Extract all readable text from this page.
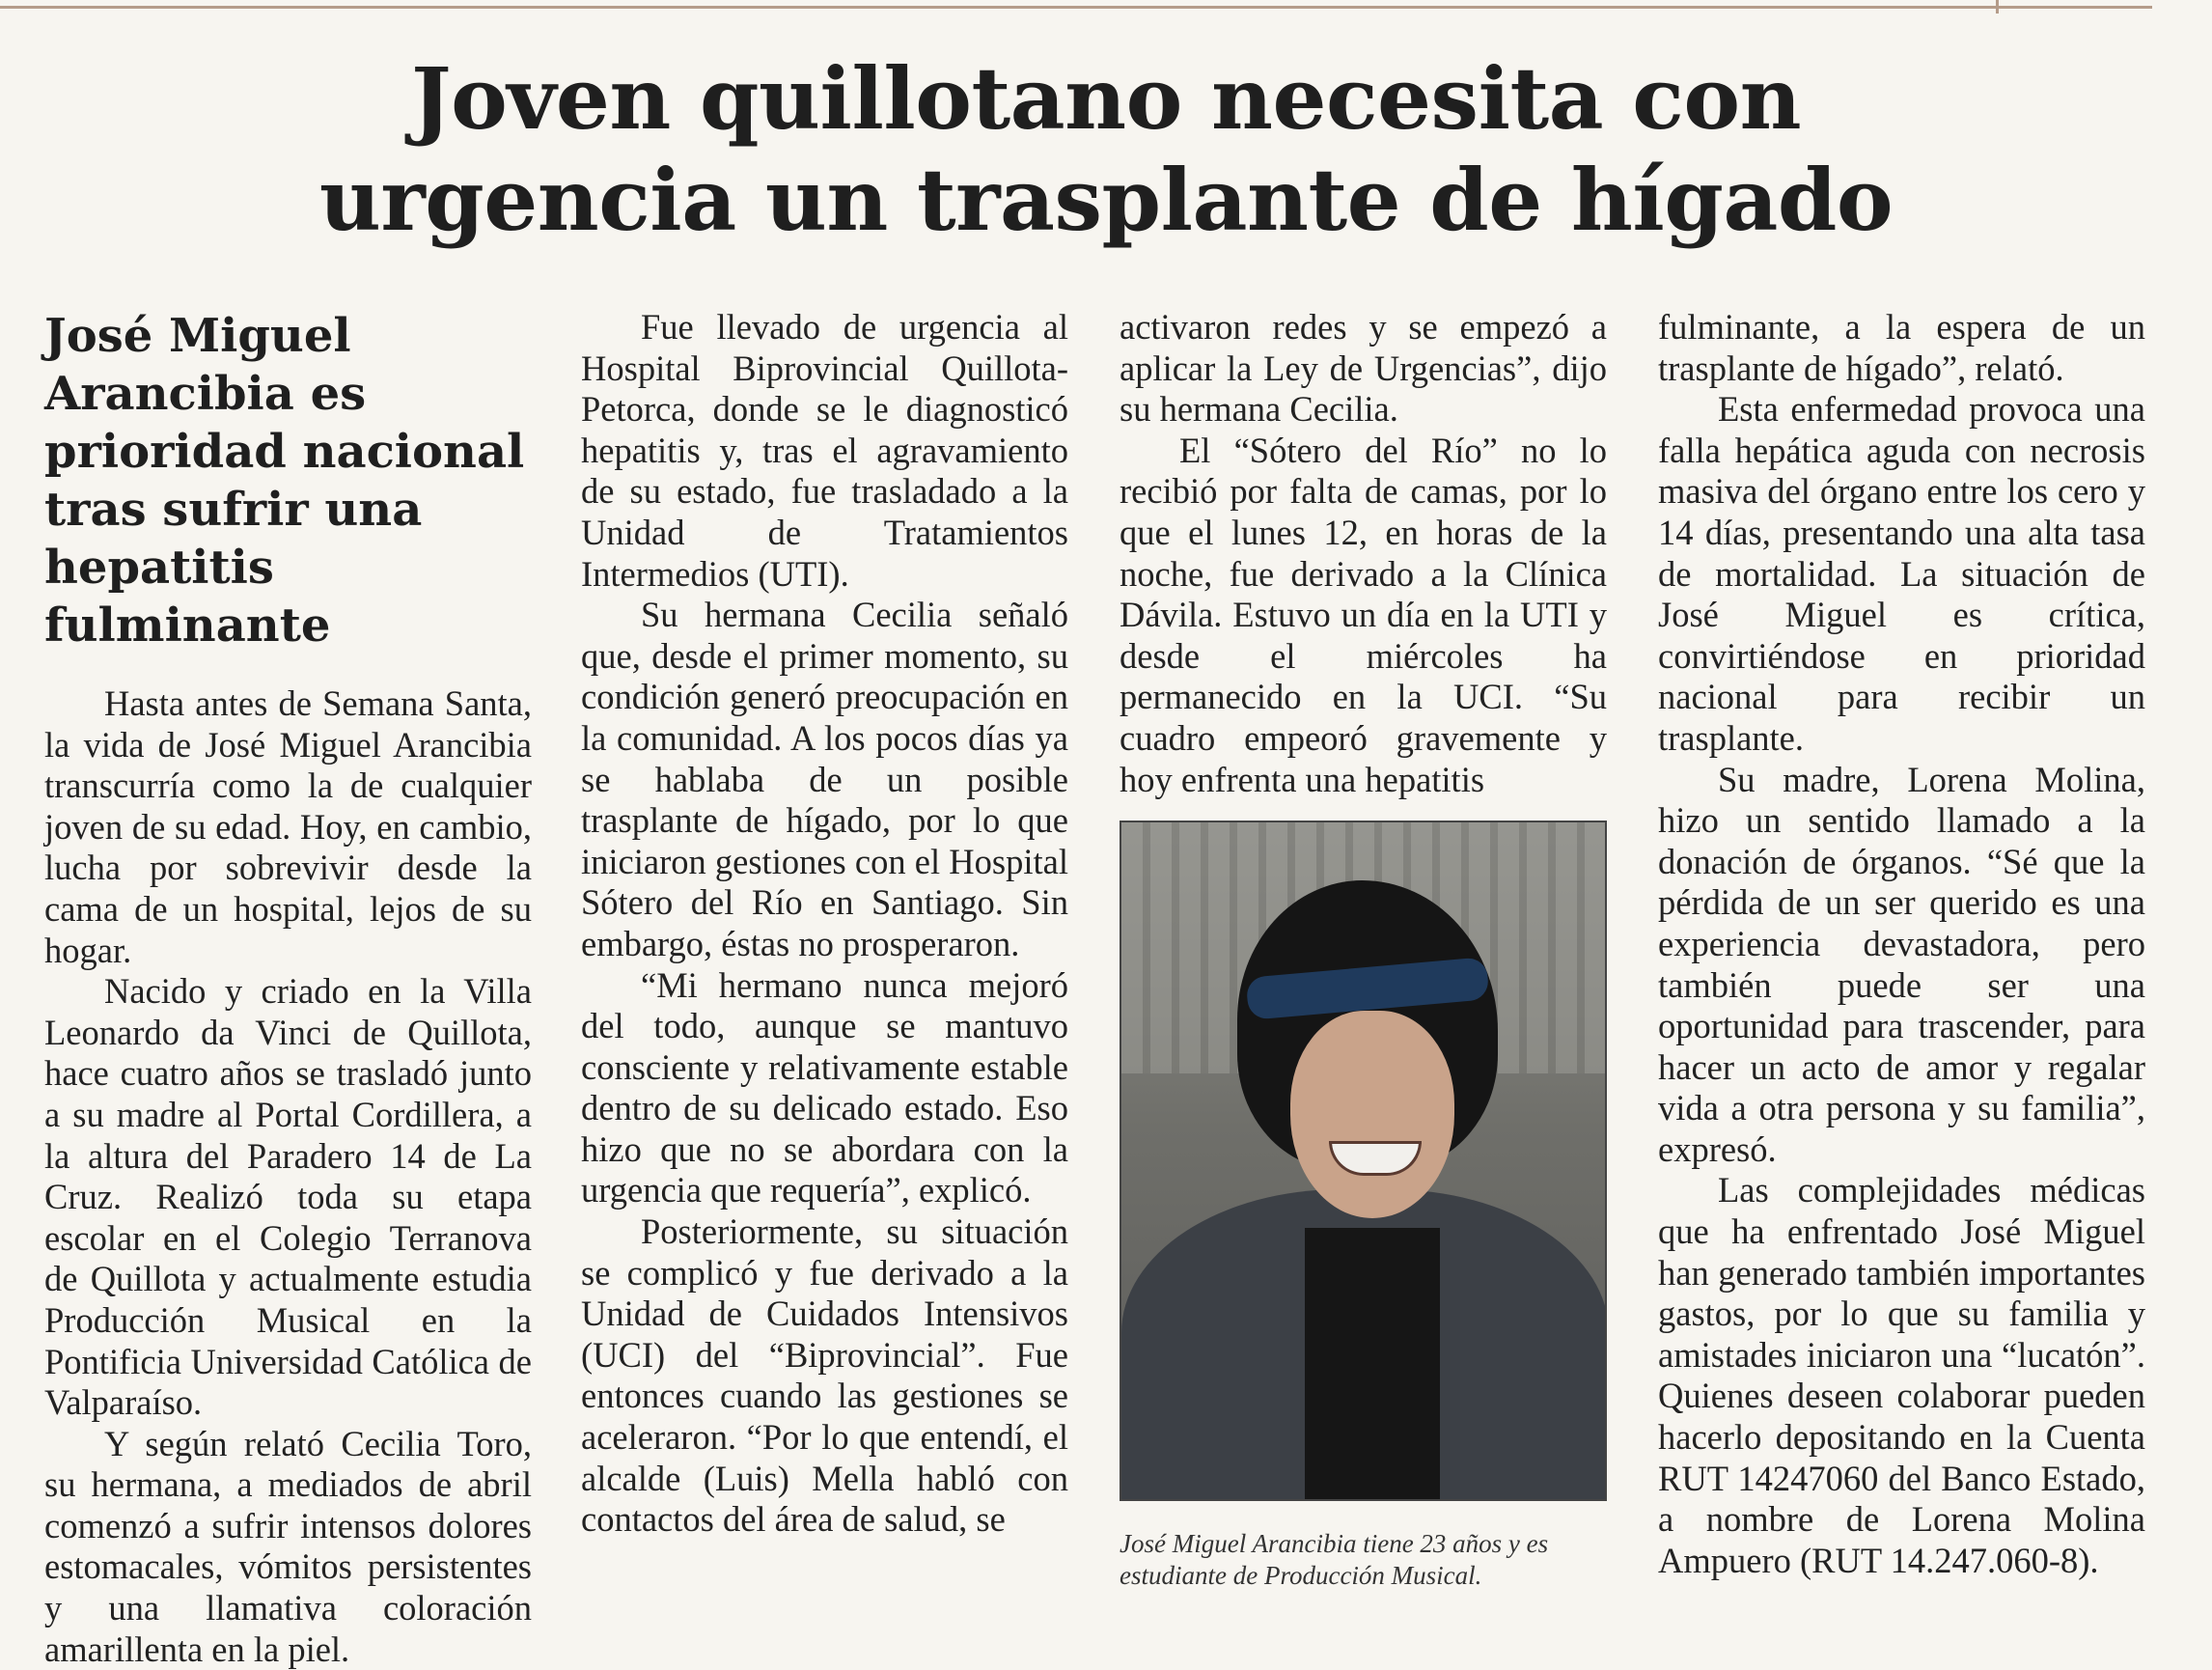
Joven quillotano necesita con
urgencia un trasplante de hígado
José Miguel Arancibia es prioridad nacional tras sufrir una hepatitis fulminante

Hasta antes de Semana Santa, la vida de José Miguel Arancibia transcurría como la de cualquier joven de su edad. Hoy, en cambio, lucha por sobrevivir desde la cama de un hospital, lejos de su hogar.

Nacido y criado en la Villa Leonardo da Vinci de Quillota, hace cuatro años se trasladó junto a su madre al Portal Cordillera, a la altura del Paradero 14 de La Cruz. Realizó toda su etapa escolar en el Colegio Terranova de Quillota y actualmente estudia Producción Musical en la Pontificia Universidad Católica de Valparaíso.

Y según relató Cecilia Toro, su hermana, a mediados de abril comenzó a sufrir intensos dolores estomacales, vómitos persistentes y una llamativa coloración amarillenta en la piel.

Fue llevado de urgencia al Hospital Biprovincial Quillota-Petorca, donde se le diagnosticó hepatitis y, tras el agravamiento de su estado, fue trasladado a la Unidad de Tratamientos Intermedios (UTI).

Su hermana Cecilia señaló que, desde el primer momento, su condición generó preocupación en la comunidad. A los pocos días ya se hablaba de un posible trasplante de hígado, por lo que iniciaron gestiones con el Hospital Sótero del Río en Santiago. Sin embargo, éstas no prosperaron.

“Mi hermano nunca mejoró del todo, aunque se mantuvo consciente y relativamente estable dentro de su delicado estado. Eso hizo que no se abordara con la urgencia que requería”, explicó.

Posteriormente, su situación se complicó y fue derivado a la Unidad de Cuidados Intensivos (UCI) del “Biprovincial”. Fue entonces cuando las gestiones se aceleraron. “Por lo que entendí, el alcalde (Luis) Mella habló con contactos del área de salud, se

activaron redes y se empezó a aplicar la Ley de Urgencias”, dijo su hermana Cecilia.

El “Sótero del Río” no lo recibió por falta de camas, por lo que el lunes 12, en horas de la noche, fue derivado a la Clínica Dávila. Estuvo un día en la UTI y desde el miércoles ha permanecido en la UCI. “Su cuadro empeoró gravemente y hoy enfrenta una hepatitis

José Miguel Arancibia tiene 23 años y es estudiante de Producción Musical.

fulminante, a la espera de un trasplante de hígado”, relató.

Esta enfermedad provoca una falla hepática aguda con necrosis masiva del órgano entre los cero y 14 días, presentando una alta tasa de mortalidad. La situación de José Miguel es crítica, convirtiéndose en prioridad nacional para recibir un trasplante.

Su madre, Lorena Molina, hizo un sentido llamado a la donación de órganos. “Sé que la pérdida de un ser querido es una experiencia devastadora, pero también puede ser una oportunidad para trascender, para hacer un acto de amor y regalar vida a otra persona y su familia”, expresó.

Las complejidades médicas que ha enfrentado José Miguel han generado también importantes gastos, por lo que su familia y amistades iniciaron una “lucatón”. Quienes deseen colaborar pueden hacerlo depositando en la Cuenta RUT 14247060 del Banco Estado, a nombre de Lorena Molina Ampuero (RUT 14.247.060-8).
